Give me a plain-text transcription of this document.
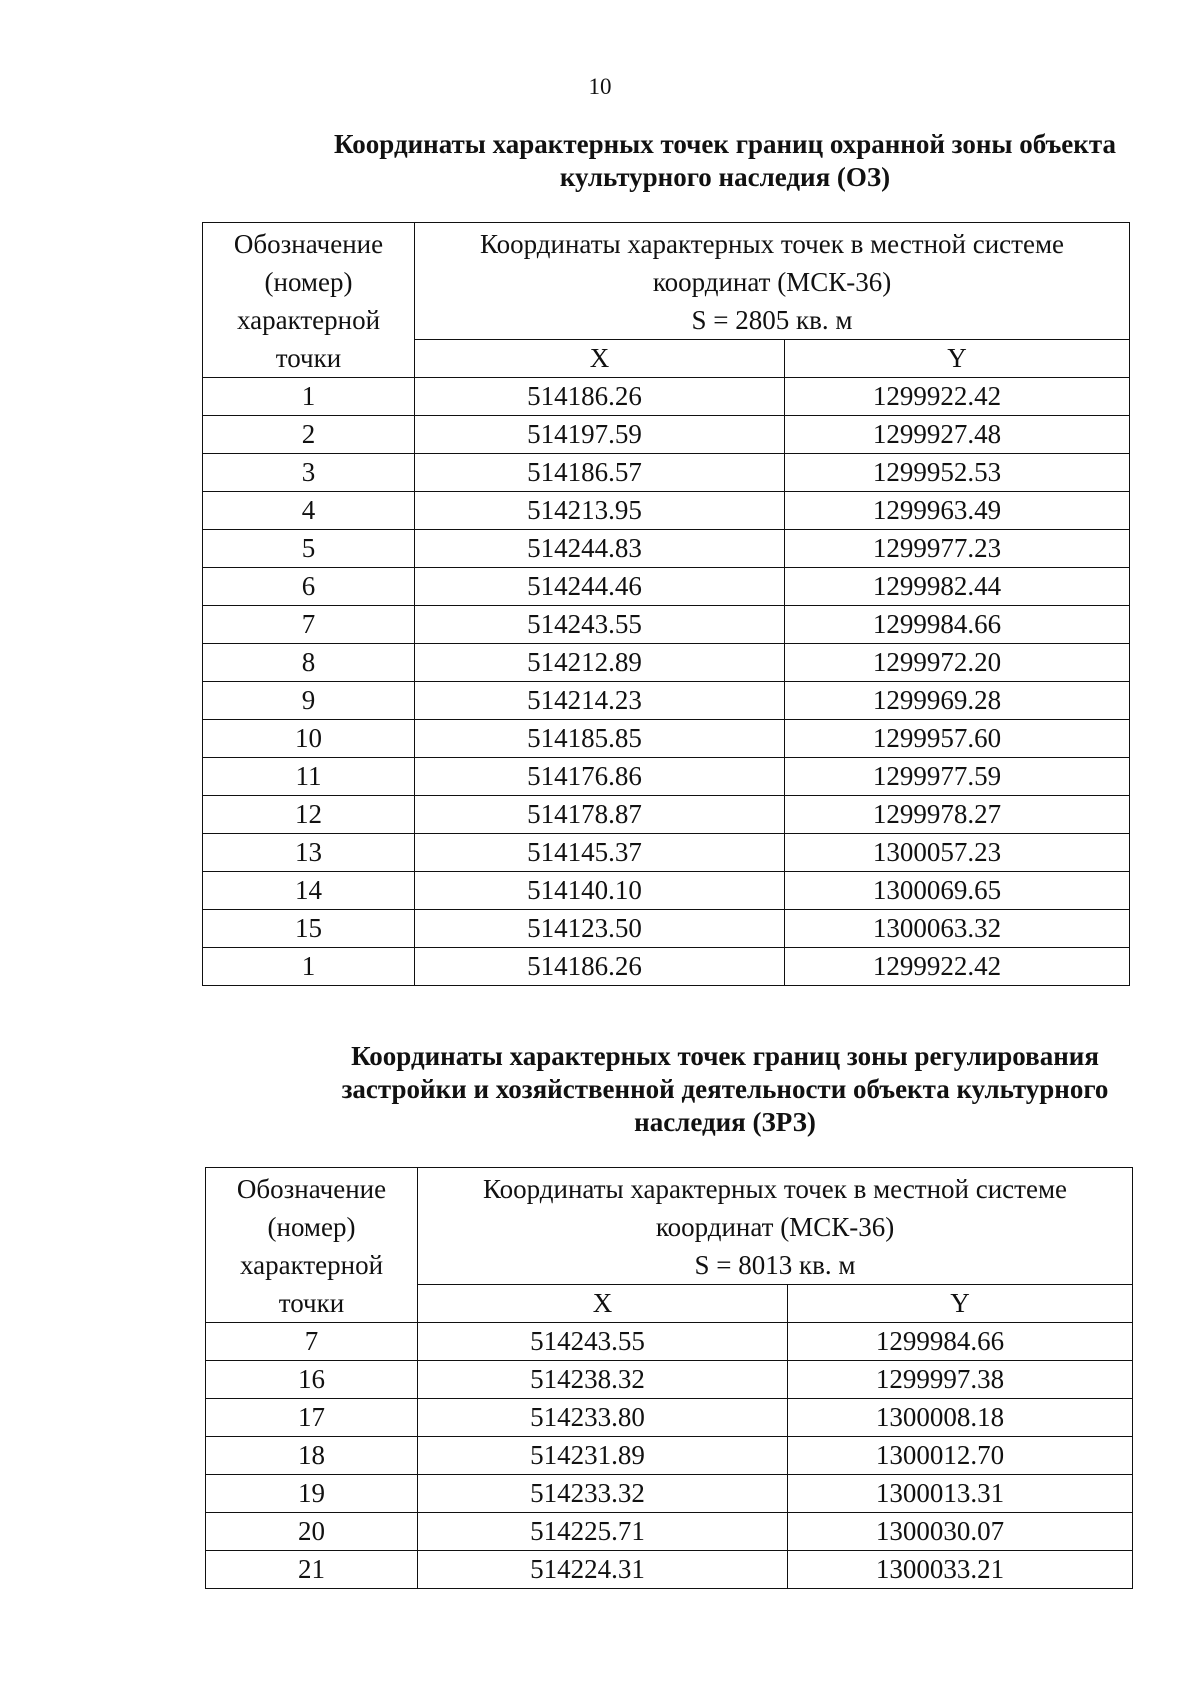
10
Координаты характерных точек границ охранной зоны объекта
культурного наследия (ОЗ)
Обозначение
(номер)
характерной
точки	Координаты характерных точек в местной системе
координат (МСК-36)
S = 2805 кв. м	

	X	Y
1	514186.26	1299922.42
2	514197.59	1299927.48
3	514186.57	1299952.53
4	514213.95	1299963.49
5	514244.83	1299977.23
6	514244.46	1299982.44
7	514243.55	1299984.66
8	514212.89	1299972.20
9	514214.23	1299969.28
10	514185.85	1299957.60
11	514176.86	1299977.59
12	514178.87	1299978.27
13	514145.37	1300057.23
14	514140.10	1300069.65
15	514123.50	1300063.32
1	514186.26	1299922.42
Координаты характерных точек границ зоны регулирования
застройки и хозяйственной деятельности объекта культурного
наследия (ЗРЗ)
Обозначение
(номер)
характерной
точки	Координаты характерных точек в местной системе
координат (МСК-36)
S = 8013 кв. м	

	X	Y
7	514243.55	1299984.66
16	514238.32	1299997.38
17	514233.80	1300008.18
18	514231.89	1300012.70
19	514233.32	1300013.31
20	514225.71	1300030.07
21	514224.31	1300033.21
